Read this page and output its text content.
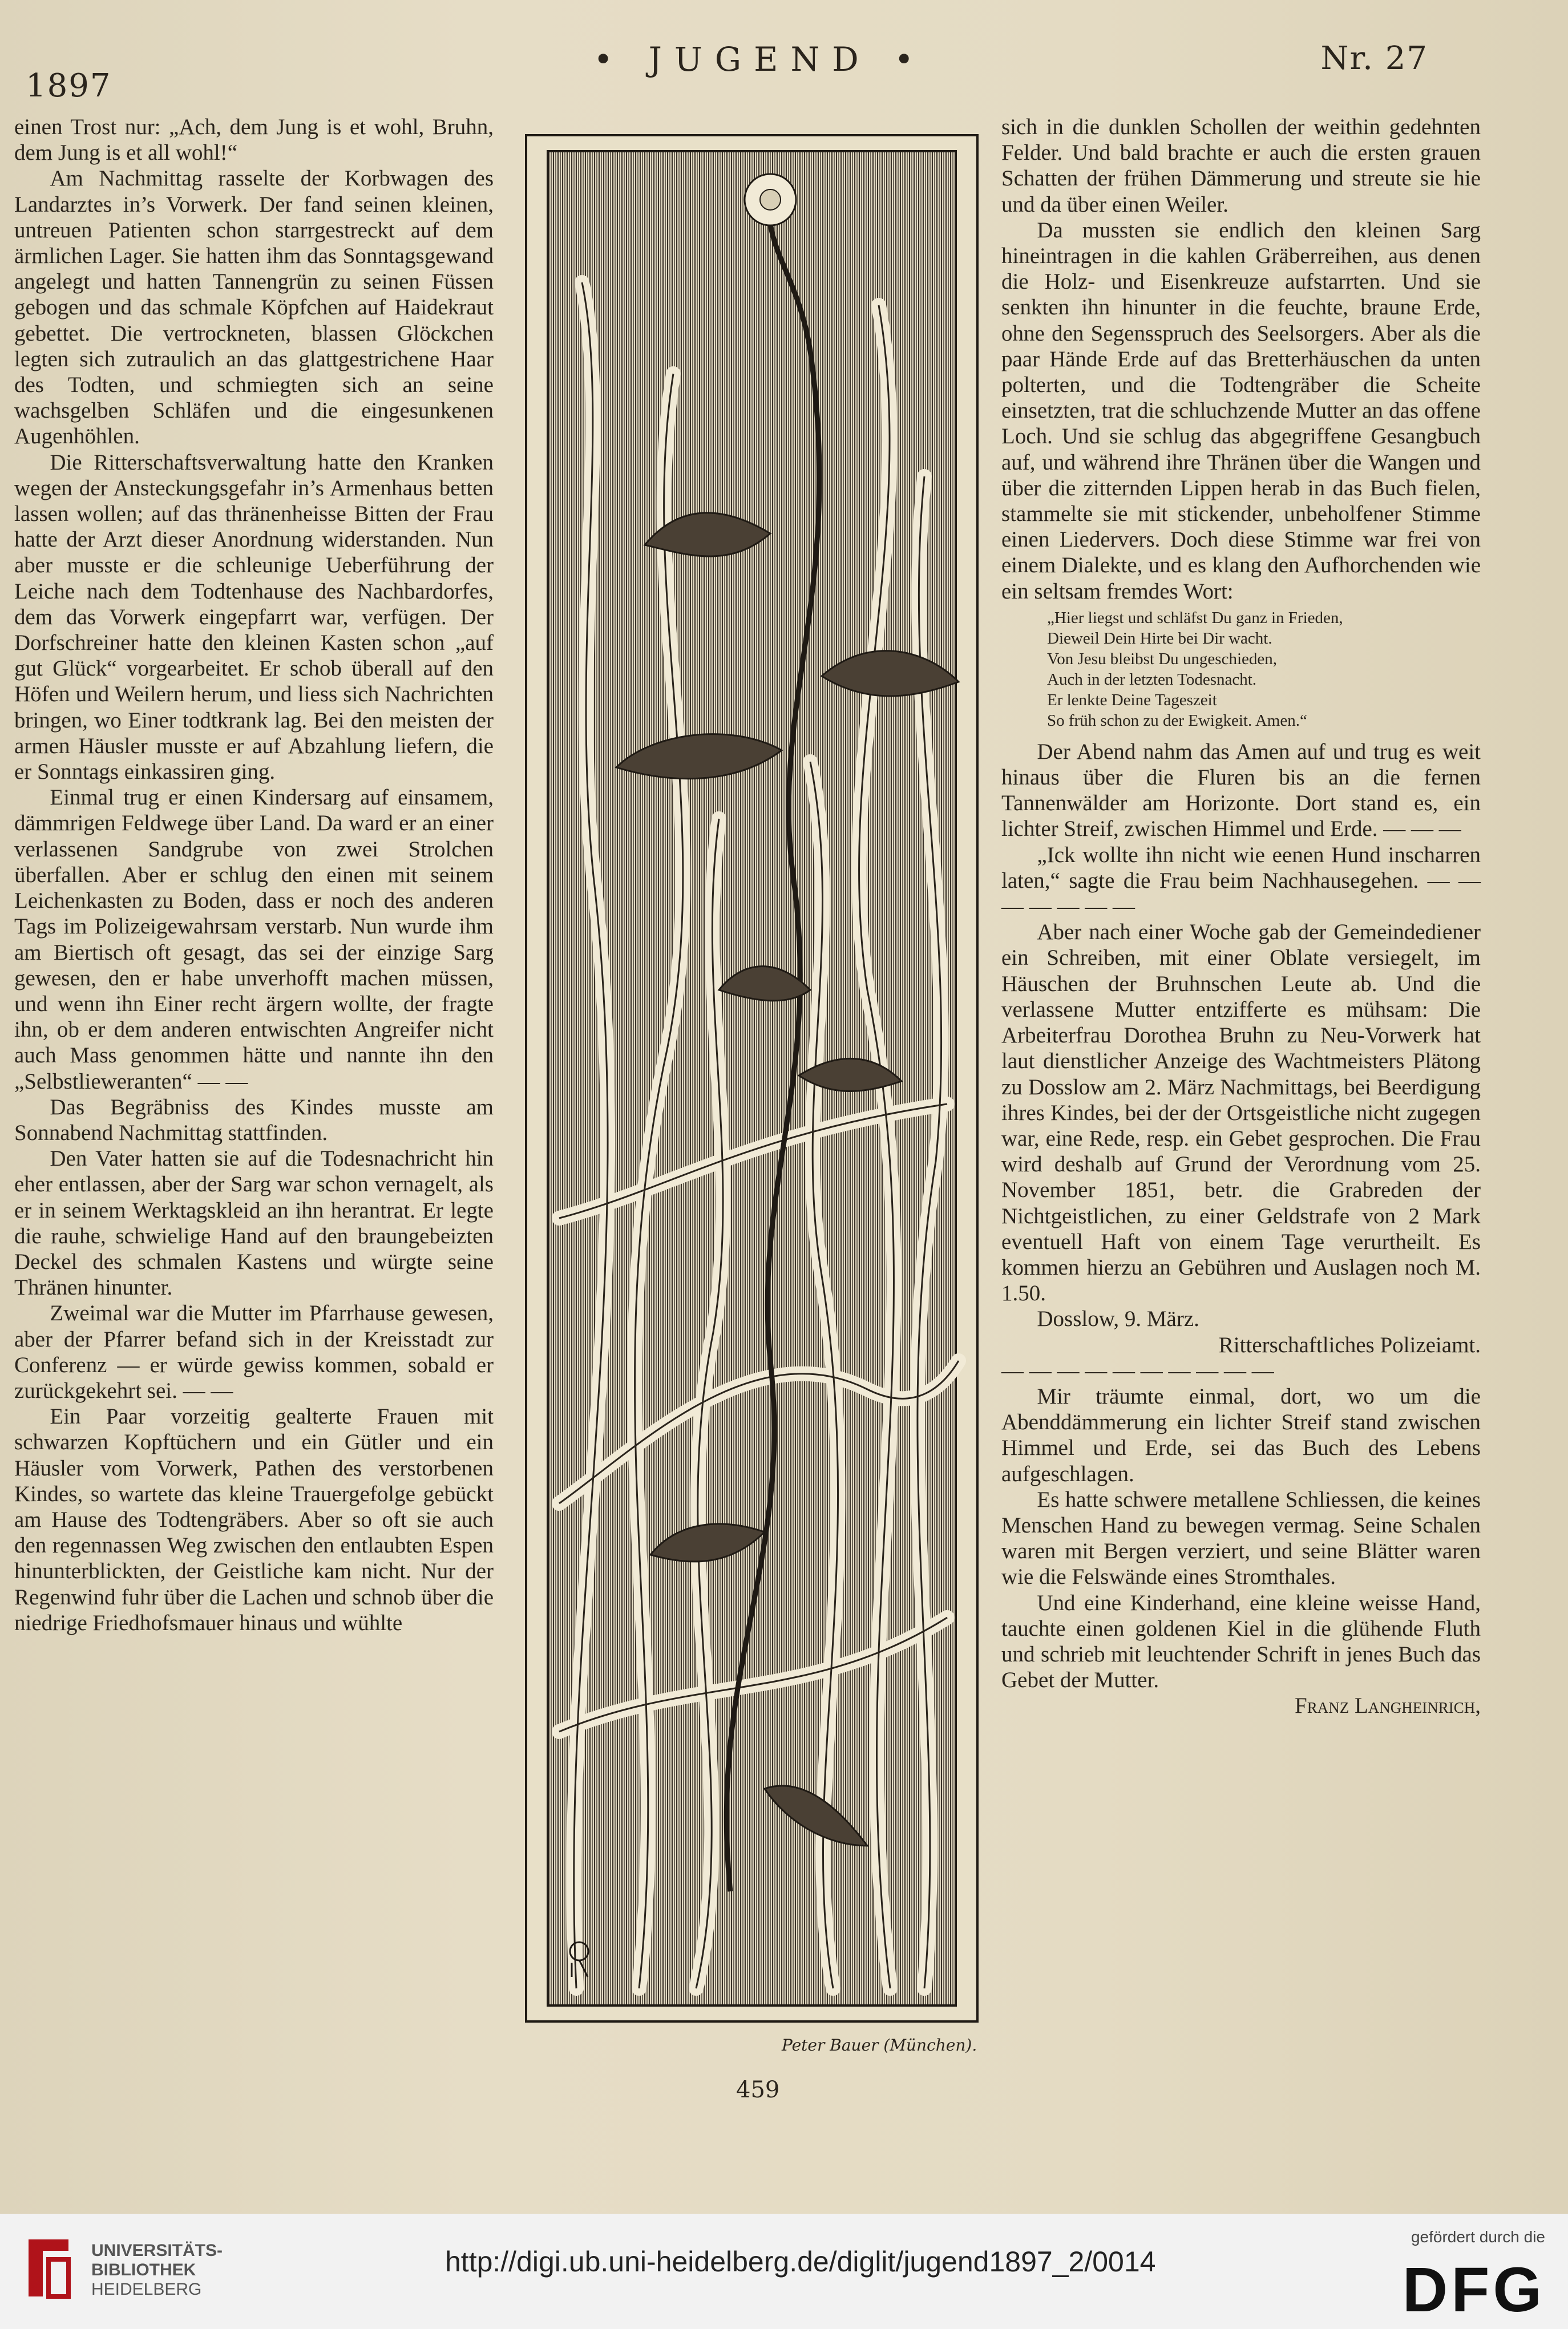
1897
• JUGEND •	Nr. 27

einen Trost nur: „Ach, dem Jung is et wohl, Bruhn, dem Jung is et all wohl!“

Am Nachmittag rasselte der Korbwagen des Landarztes in’s Vorwerk. Der fand seinen kleinen, untreuen Patienten schon starrgestreckt auf dem ärmlichen Lager. Sie hatten ihm das Sonntagsgewand angelegt und hatten Tannengrün zu seinen Füssen gebogen und das schmale Köpfchen auf Haidekraut gebettet. Die vertrockneten, blassen Glöckchen legten sich zutraulich an das glattgestrichene Haar des Todten, und schmiegten sich an seine wachsgelben Schläfen und die eingesunkenen Augenhöhlen.

Die Ritterschaftsverwaltung hatte den Kranken wegen der Ansteckungsgefahr in’s Armenhaus betten lassen wollen; auf das thränenheisse Bitten der Frau hatte der Arzt dieser Anordnung widerstanden. Nun aber musste er die schleunige Ueberführung der Leiche nach dem Todtenhause des Nachbardorfes, dem das Vorwerk eingepfarrt war, verfügen. Der Dorfschreiner hatte den kleinen Kasten schon „auf gut Glück“ vorgearbeitet. Er schob überall auf den Höfen und Weilern herum, und liess sich Nachrichten bringen, wo Einer todtkrank lag. Bei den meisten der armen Häusler musste er auf Abzahlung liefern, die er Sonntags einkassiren ging.

Einmal trug er einen Kindersarg auf einsamem, dämmrigen Feldwege über Land. Da ward er an einer verlassenen Sandgrube von zwei Strolchen überfallen. Aber er schlug den einen mit seinem Leichenkasten zu Boden, dass er noch des anderen Tags im Polizeigewahrsam verstarb. Nun wurde ihm am Biertisch oft gesagt, das sei der einzige Sarg gewesen, den er habe unverhofft machen müssen, und wenn ihn Einer recht ärgern wollte, der fragte ihn, ob er dem anderen entwischten Angreifer nicht auch Mass genommen hätte und nannte ihn den „Selbstlieweranten“ — —

Das Begräbniss des Kindes musste am Sonnabend Nachmittag stattfinden.

Den Vater hatten sie auf die Todesnachricht hin eher entlassen, aber der Sarg war schon vernagelt, als er in seinem Werktagskleid an ihn herantrat. Er legte die rauhe, schwielige Hand auf den braungebeizten Deckel des schmalen Kastens und würgte seine Thränen hinunter.

Zweimal war die Mutter im Pfarrhause gewesen, aber der Pfarrer befand sich in der Kreisstadt zur Conferenz — er würde gewiss kommen, sobald er zurückgekehrt sei. — —

Ein Paar vorzeitig gealterte Frauen mit schwarzen Kopftüchern und ein Gütler und ein Häusler vom Vorwerk, Pathen des verstorbenen Kindes, so wartete das kleine Trauergefolge gebückt am Hause des Todtengräbers. Aber so oft sie auch den regennassen Weg zwischen den entlaubten Espen hinunterblickten, der Geistliche kam nicht. Nur der Regenwind fuhr über die Lachen und schnob über die niedrige Friedhofsmauer hinaus und wühlte

sich in die dunklen Schollen der weithin gedehnten Felder. Und bald brachte er auch die ersten grauen Schatten der frühen Dämmerung und streute sie hie und da über einen Weiler.

Da mussten sie endlich den kleinen Sarg hineintragen in die kahlen Gräberreihen, aus denen die Holz- und Eisenkreuze aufstarrten. Und sie senkten ihn hinunter in die feuchte, braune Erde, ohne den Segensspruch des Seelsorgers. Aber als die paar Hände Erde auf das Bretterhäuschen da unten polterten, und die Todtengräber die Scheite einsetzten, trat die schluchzende Mutter an das offene Loch. Und sie schlug das abgegriffene Gesangbuch auf, und während ihre Thränen über die Wangen und über die zitternden Lippen herab in das Buch fielen, stammelte sie mit stickender, unbeholfener Stimme einen Liedervers. Doch diese Stimme war frei von einem Dialekte, und es klang den Aufhorchenden wie ein seltsam fremdes Wort:

„Hier liegst und schläfst Du ganz in Frieden,
Dieweil Dein Hirte bei Dir wacht.
Von Jesu bleibst Du ungeschieden,
Auch in der letzten Todesnacht.
Er lenkte Deine Tageszeit
So früh schon zu der Ewigkeit. Amen.“

Der Abend nahm das Amen auf und trug es weit hinaus über die Fluren bis an die fernen Tannenwälder am Horizonte. Dort stand es, ein lichter Streif, zwischen Himmel und Erde. — — —

„Ick wollte ihn nicht wie eenen Hund inscharren laten,“ sagte die Frau beim Nachhausegehen. — — — — — — —

Aber nach einer Woche gab der Gemeindediener ein Schreiben, mit einer Oblate versiegelt, im Häuschen der Bruhnschen Leute ab. Und die verlassene Mutter entzifferte es mühsam: Die Arbeiterfrau Dorothea Bruhn zu Neu-Vorwerk hat laut dienstlicher Anzeige des Wachtmeisters Plätong zu Dosslow am 2. März Nachmittags, bei Beerdigung ihres Kindes, bei der der Ortsgeistliche nicht zugegen war, eine Rede, resp. ein Gebet gesprochen. Die Frau wird deshalb auf Grund der Verordnung vom 25. November 1851, betr. die Grabreden der Nichtgeistlichen, zu einer Geldstrafe von 2 Mark eventuell Haft von einem Tage verurtheilt. Es kommen hierzu an Gebühren und Auslagen noch M. 1.50.

Dosslow, 9. März.

Ritterschaftliches Polizeiamt.

— — — — — — — — — —

Mir träumte einmal, dort, wo um die Abenddämmerung ein lichter Streif stand zwischen Himmel und Erde, sei das Buch des Lebens aufgeschlagen.

Es hatte schwere metallene Schliessen, die keines Menschen Hand zu bewegen vermag. Seine Schalen waren mit Bergen verziert, und seine Blätter waren wie die Felswände eines Stromthales.

Und eine Kinderhand, eine kleine weisse Hand, tauchte einen goldenen Kiel in die glühende Fluth und schrieb mit leuchtender Schrift in jenes Buch das Gebet der Mutter.

Franz Langheinrich,

Peter Bauer (München).
459
UNIVERSITÄTS-
BIBLIOTHEK
HEIDELBERG
http://digi.ub.uni-heidelberg.de/diglit/jugend1897_2/0014
gefördert durch die
DFG
